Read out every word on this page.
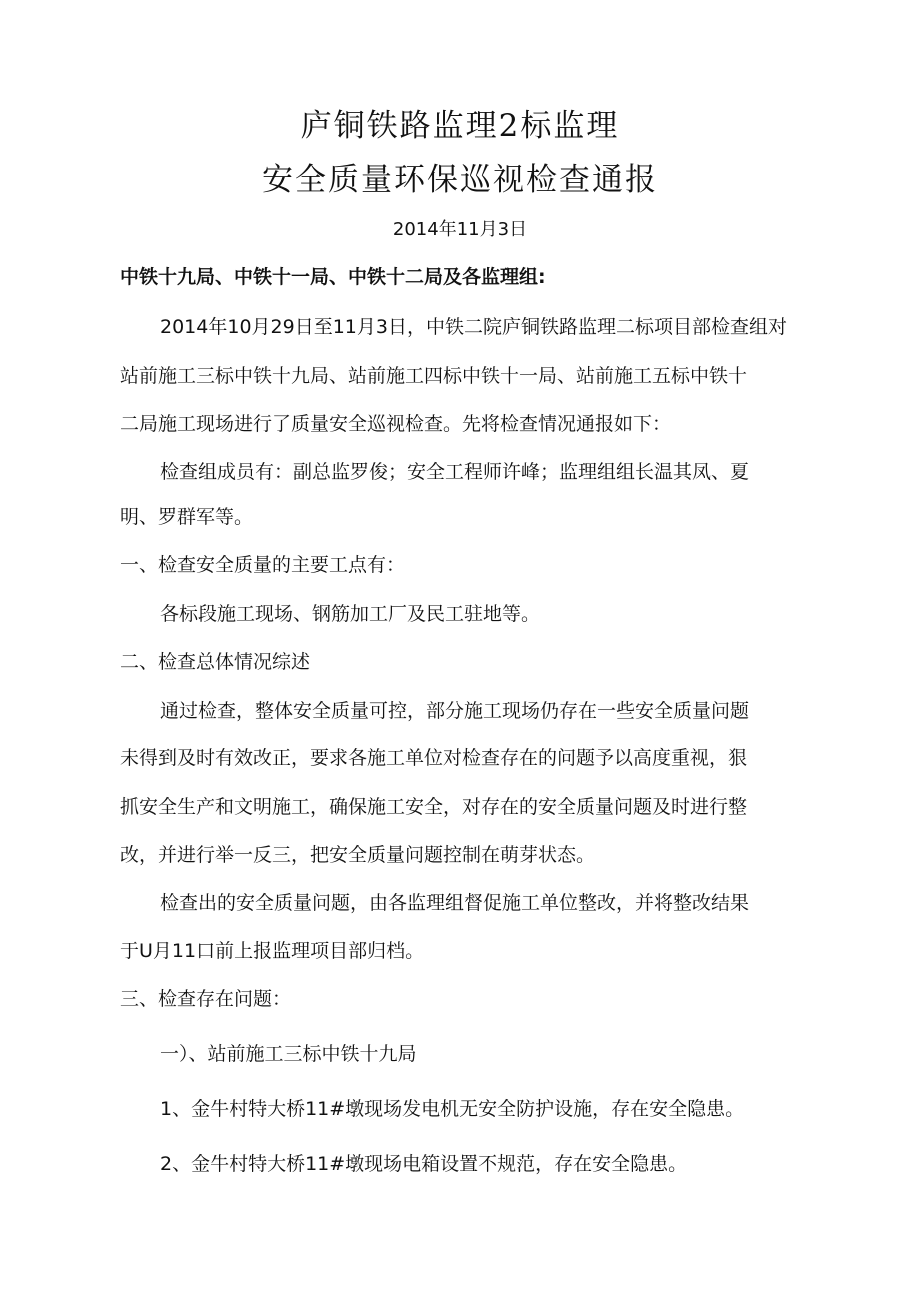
庐铜铁路监理2标监理
安全质量环保巡视检查通报
2014年11月3日
中铁十九局、中铁十一局、中铁十二局及各监理组:
2014年10月29日至11月3日，中铁二院庐铜铁路监理二标项目部检查组对
站前施工三标中铁十九局、站前施工四标中铁十一局、站前施工五标中铁十
二局施工现场进行了质量安全巡视检查。先将检查情况通报如下：
检查组成员有：副总监罗俊；安全工程师许峰；监理组组长温其凤、夏
明、罗群军等。
一、检查安全质量的主要工点有：
各标段施工现场、钢筋加工厂及民工驻地等。
二、检查总体情况综述
通过检查，整体安全质量可控，部分施工现场仍存在一些安全质量问题
未得到及时有效改正，要求各施工单位对检查存在的问题予以高度重视，狠
抓安全生产和文明施工，确保施工安全，对存在的安全质量问题及时进行整
改，并进行举一反三，把安全质量问题控制在萌芽状态。
检查出的安全质量问题，由各监理组督促施工单位整改，并将整改结果
于U月11口前上报监理项目部归档。
三、检查存在问题：
一）、站前施工三标中铁十九局
1、金牛村特大桥11#墩现场发电机无安全防护设施，存在安全隐患。
2、金牛村特大桥11#墩现场电箱设置不规范，存在安全隐患。
